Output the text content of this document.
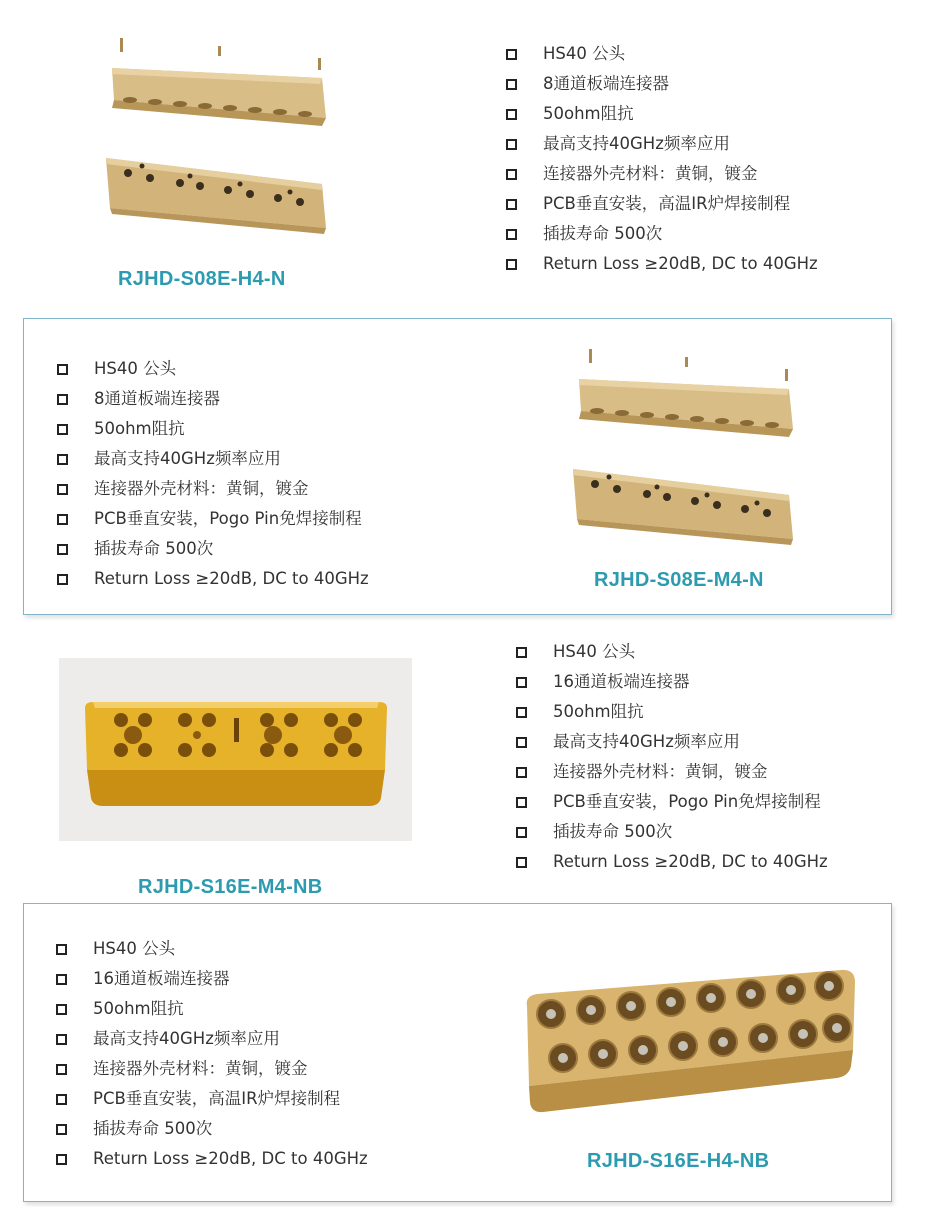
RJHD-S08E-H4-N
HS40 公头
8通道板端连接器
50ohm阻抗
最高支持40GHz频率应用
连接器外壳材料：黄铜，镀金
PCB垂直安装，高温IR炉焊接制程
插拔寿命 500次
Return Loss ≥20dB, DC to 40GHz
HS40 公头
8通道板端连接器
50ohm阻抗
最高支持40GHz频率应用
连接器外壳材料：黄铜，镀金
PCB垂直安装，Pogo Pin免焊接制程
插拔寿命 500次
Return Loss ≥20dB, DC to 40GHz	RJHD-S08E-M4-N
RJHD-S16E-M4-NB
HS40 公头
16通道板端连接器
50ohm阻抗
最高支持40GHz频率应用
连接器外壳材料：黄铜，镀金
PCB垂直安装，Pogo Pin免焊接制程
插拔寿命 500次
Return Loss ≥20dB, DC to 40GHz
HS40 公头
16通道板端连接器
50ohm阻抗
最高支持40GHz频率应用
连接器外壳材料：黄铜，镀金
PCB垂直安装，高温IR炉焊接制程
插拔寿命 500次
Return Loss ≥20dB, DC to 40GHz	RJHD-S16E-H4-NB
